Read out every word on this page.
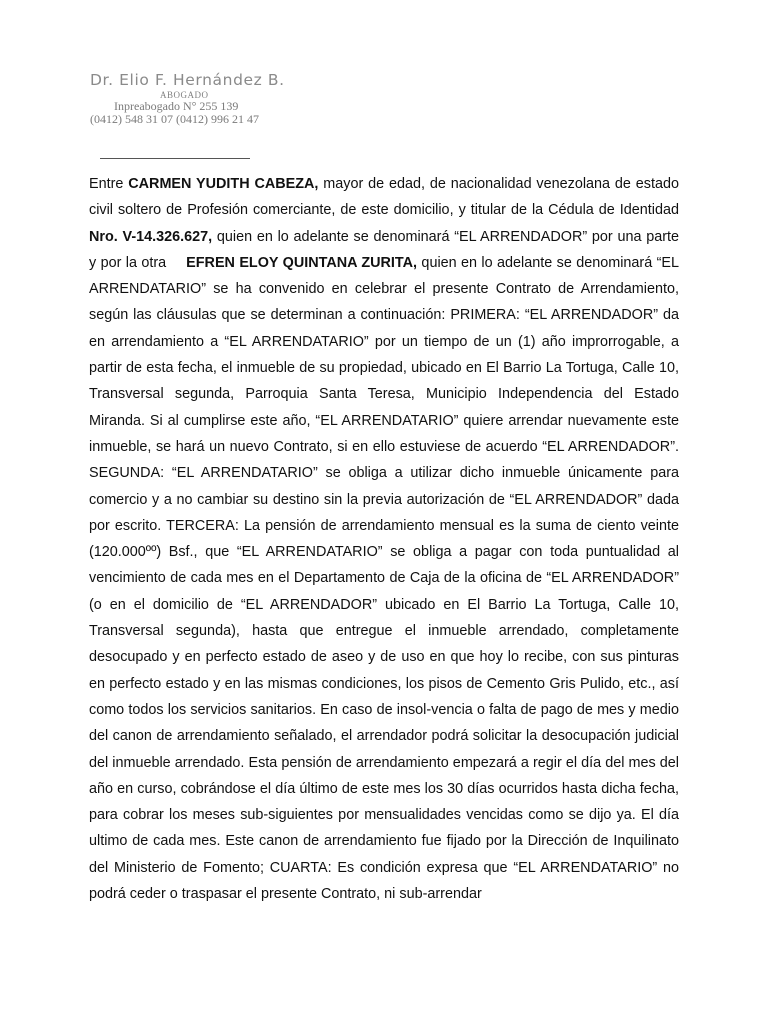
Dr. Elio F. Hernández B.

ABOGADO

Inpreabogado N° 255 139

(0412) 548 31 07 (0412) 996 21 47

Entre CARMEN YUDITH CABEZA, mayor de edad, de nacionalidad venezolana de estado civil soltero de Profesión comerciante, de este domicilio, y titular de la Cédula de Identidad Nro. V-14.326.627, quien en lo adelante se denominará “EL ARRENDADOR” por una parte y por la otra EFREN ELOY QUINTANA ZURITA, quien en lo adelante se denominará “EL ARRENDATARIO” se ha convenido en celebrar el presente Contrato de Arrendamiento, según las cláusulas que se determinan a continuación: PRIMERA: “EL ARRENDADOR” da en arrendamiento a “EL ARRENDATARIO” por un tiempo de un (1) año improrrogable, a partir de esta fecha, el inmueble de su propiedad, ubicado en El Barrio La Tortuga, Calle 10, Transversal segunda, Parroquia Santa Teresa, Municipio Independencia del Estado Miranda. Si al cumplirse este año, “EL ARRENDATARIO” quiere arrendar nuevamente este inmueble, se hará un nuevo Contrato, si en ello estuviese de acuerdo “EL ARRENDADOR”. SEGUNDA: “EL ARRENDATARIO” se obliga a utilizar dicho inmueble únicamente para comercio y a no cambiar su destino sin la previa autorización de “EL ARRENDADOR” dada por escrito. TERCERA: La pensión de arrendamiento mensual es la suma de ciento veinte (120.000ºº) Bsf., que “EL ARRENDATARIO” se obliga a pagar con toda puntualidad al vencimiento de cada mes en el Departamento de Caja de la oficina de “EL ARRENDADOR” (o en el domicilio de “EL ARRENDADOR” ubicado en El Barrio La Tortuga, Calle 10, Transversal segunda), hasta que entregue el inmueble arrendado, completamente desocupado y en perfecto estado de aseo y de uso en que hoy lo recibe, con sus pinturas en perfecto estado y en las mismas condiciones, los pisos de Cemento Gris Pulido, etc., así como todos los servicios sanitarios. En caso de insol-vencia o falta de pago de mes y medio del canon de arrendamiento señalado, el arrendador podrá solicitar la desocupación judicial del inmueble arrendado. Esta pensión de arrendamiento empezará a regir el día del mes del año en curso, cobrándose el día último de este mes los 30 días ocurridos hasta dicha fecha, para cobrar los meses sub-siguientes por mensualidades vencidas como se dijo ya. El día ultimo de cada mes. Este canon de arrendamiento fue fijado por la Dirección de Inquilinato del Ministerio de Fomento; CUARTA: Es condición expresa que “EL ARRENDATARIO” no podrá ceder o traspasar el presente Contrato, ni sub-arrendar
